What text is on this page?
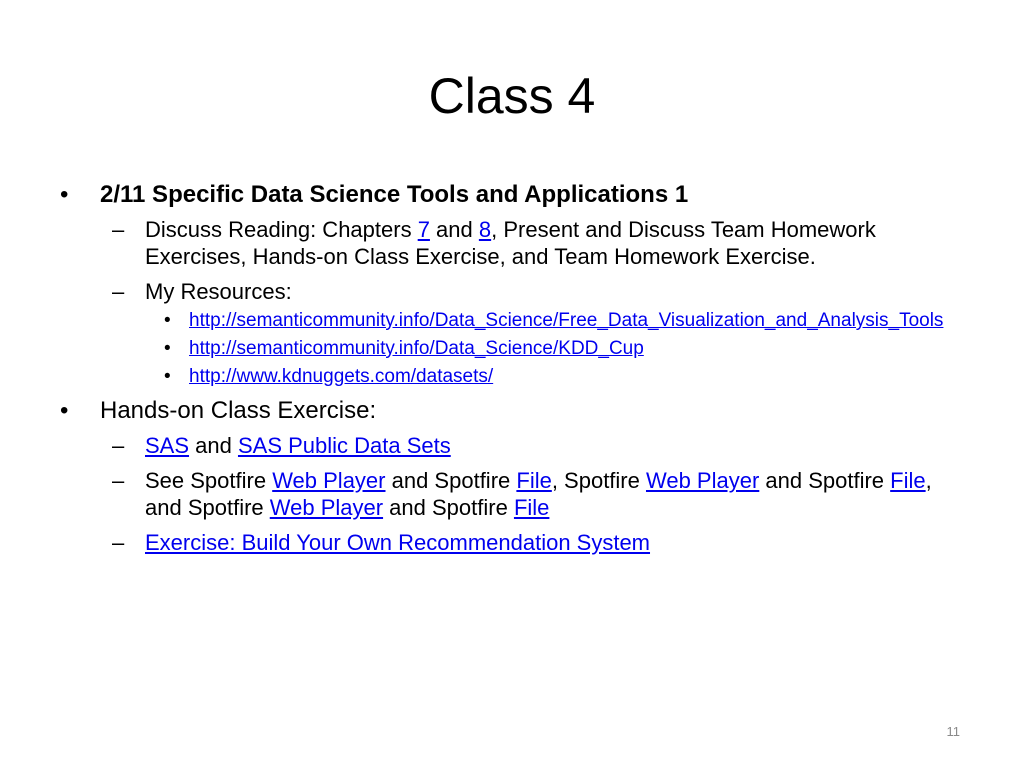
Class 4
• 2/11 Specific Data Science Tools and Applications 1
– Discuss Reading: Chapters 7 and 8, Present and Discuss Team Homework Exercises, Hands-on Class Exercise, and Team Homework Exercise.
– My Resources:
• http://semanticommunity.info/Data_Science/Free_Data_Visualization_and_Analysis_Tools
• http://semanticommunity.info/Data_Science/KDD_Cup
• http://www.kdnuggets.com/datasets/
• Hands-on Class Exercise:
– SAS and SAS Public Data Sets
– See Spotfire Web Player and Spotfire File, Spotfire Web Player and Spotfire File, and Spotfire Web Player and Spotfire File
– Exercise: Build Your Own Recommendation System
11
